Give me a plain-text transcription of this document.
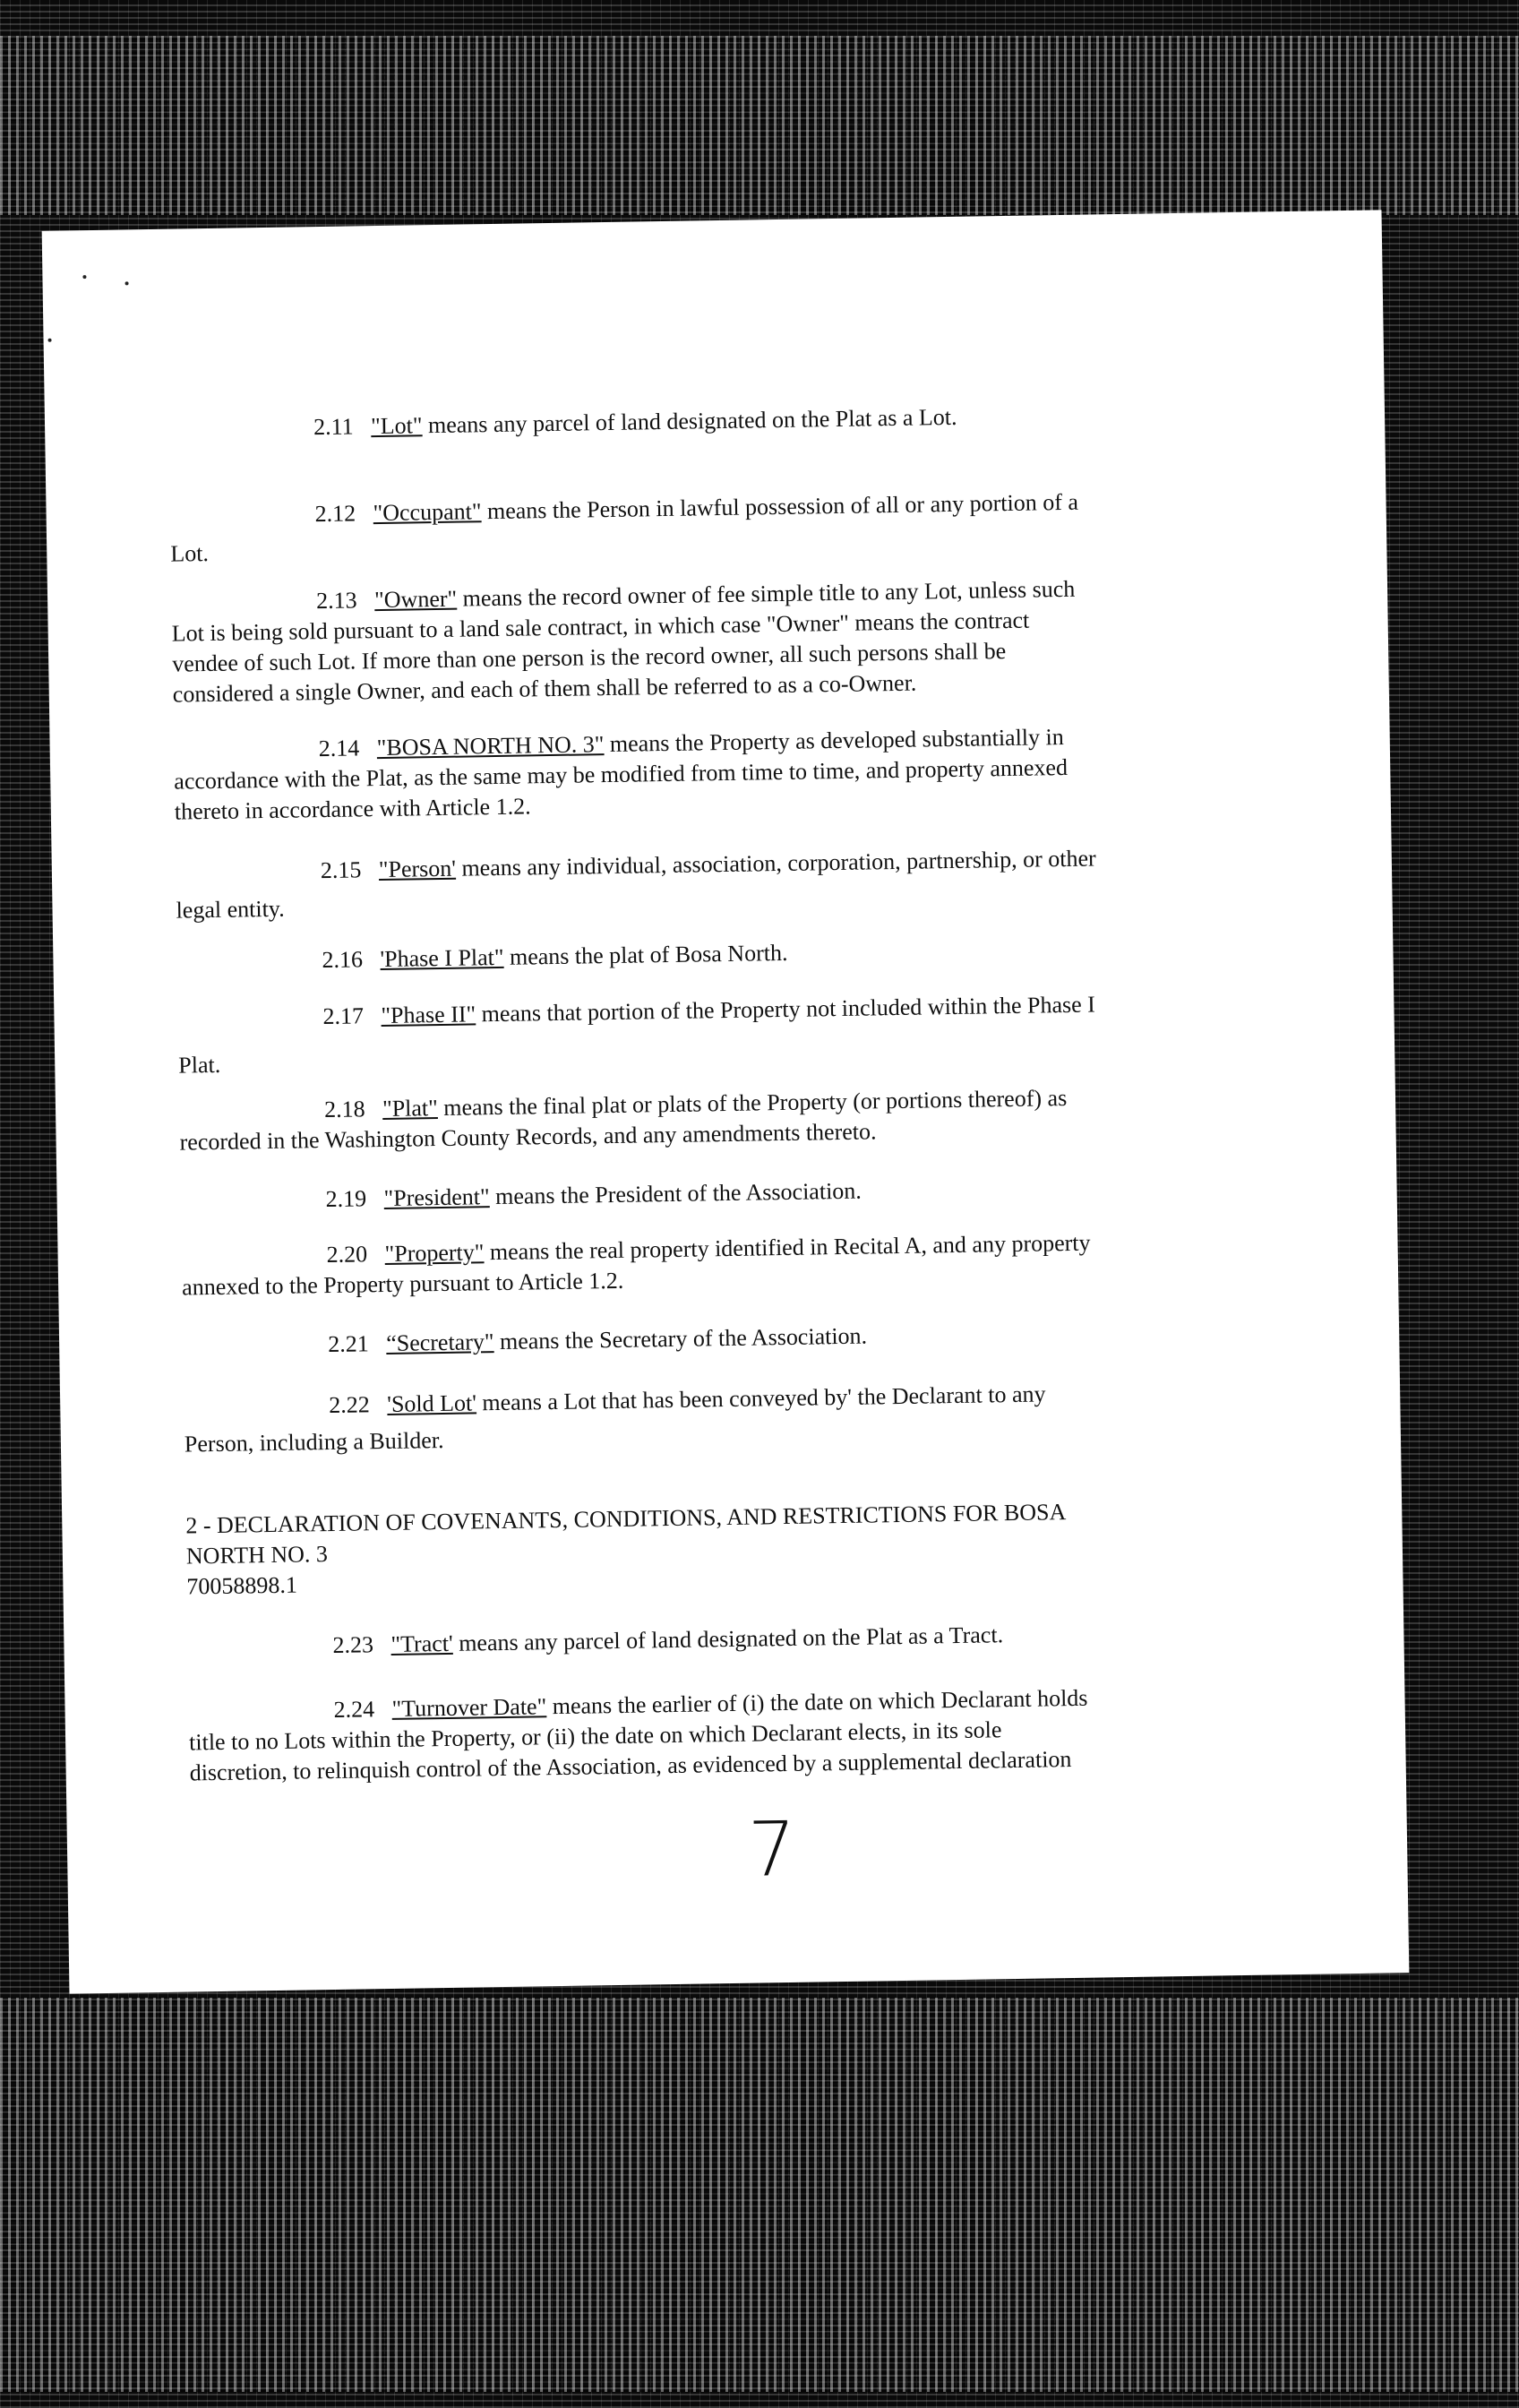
2.11 "Lot" means any parcel of land designated on the Plat as a Lot.
2.12 "Occupant" means the Person in lawful possession of all or any portion of a
Lot.
2.13 "Owner" means the record owner of fee simple title to any Lot, unless such
Lot is being sold pursuant to a land sale contract, in which case "Owner" means the contract
vendee of such Lot. If more than one person is the record owner, all such persons shall be
considered a single Owner, and each of them shall be referred to as a co-Owner.
2.14 "BOSA NORTH NO. 3" means the Property as developed substantially in
accordance with the Plat, as the same may be modified from time to time, and property annexed
thereto in accordance with Article 1.2.
2.15 "Person' means any individual, association, corporation, partnership, or other
legal entity.
2.16 'Phase I Plat" means the plat of Bosa North.
2.17 "Phase II" means that portion of the Property not included within the Phase I
Plat.
2.18 "Plat" means the final plat or plats of the Property (or portions thereof) as
recorded in the Washington County Records, and any amendments thereto.
2.19 "President" means the President of the Association.
2.20 "Property" means the real property identified in Recital A, and any property
annexed to the Property pursuant to Article 1.2.
2.21 “Secretary" means the Secretary of the Association.
2.22 'Sold Lot' means a Lot that has been conveyed by' the Declarant to any
Person, including a Builder.
2 - DECLARATION OF COVENANTS, CONDITIONS, AND RESTRICTIONS FOR BOSA
NORTH NO. 3
70058898.1
2.23 "Tract' means any parcel of land designated on the Plat as a Tract.
2.24 "Turnover Date" means the earlier of (i) the date on which Declarant holds
title to no Lots within the Property, or (ii) the date on which Declarant elects, in its sole
discretion, to relinquish control of the Association, as evidenced by a supplemental declaration
7
